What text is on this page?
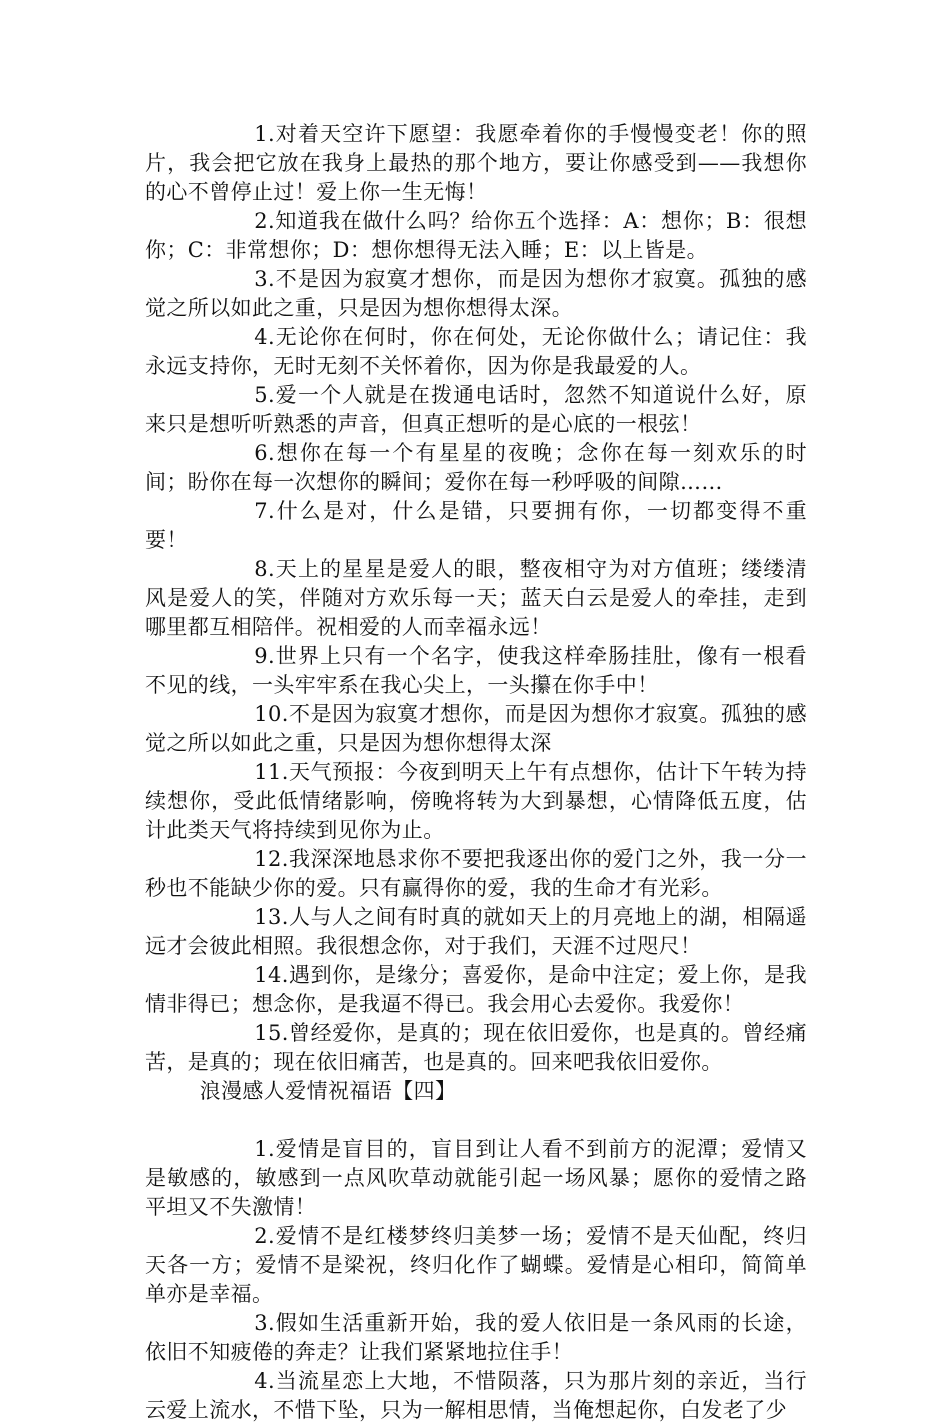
1.对着天空许下愿望：我愿牵着你的手慢慢变老！你的照片，我会把它放在我身上最热的那个地方，要让你感受到——我想你的心不曾停止过！爱上你一生无悔！

2.知道我在做什么吗？给你五个选择：A：想你；B：很想你；C：非常想你；D：想你想得无法入睡；E：以上皆是。

3.不是因为寂寞才想你，而是因为想你才寂寞。孤独的感觉之所以如此之重，只是因为想你想得太深。

4.无论你在何时，你在何处，无论你做什么；请记住：我永远支持你，无时无刻不关怀着你，因为你是我最爱的人。

5.爱一个人就是在拨通电话时，忽然不知道说什么好，原来只是想听听熟悉的声音，但真正想听的是心底的一根弦！

6.想你在每一个有星星的夜晚；念你在每一刻欢乐的时间；盼你在每一次想你的瞬间；爱你在每一秒呼吸的间隙……

7.什么是对，什么是错，只要拥有你，一切都变得不重要！

8.天上的星星是爱人的眼，整夜相守为对方值班；缕缕清风是爱人的笑，伴随对方欢乐每一天；蓝天白云是爱人的牵挂，走到哪里都互相陪伴。祝相爱的人而幸福永远！

9.世界上只有一个名字，使我这样牵肠挂肚，像有一根看不见的线，一头牢牢系在我心尖上，一头攥在你手中！

10.不是因为寂寞才想你，而是因为想你才寂寞。孤独的感觉之所以如此之重，只是因为想你想得太深

11.天气预报：今夜到明天上午有点想你，估计下午转为持续想你，受此低情绪影响，傍晚将转为大到暴想，心情降低五度，估计此类天气将持续到见你为止。

12.我深深地恳求你不要把我逐出你的爱门之外，我一分一秒也不能缺少你的爱。只有赢得你的爱，我的生命才有光彩。

13.人与人之间有时真的就如天上的月亮地上的湖，相隔遥远才会彼此相照。我很想念你，对于我们，天涯不过咫尺！

14.遇到你，是缘分；喜爱你，是命中注定；爱上你，是我情非得已；想念你，是我逼不得已。我会用心去爱你。我爱你！

15.曾经爱你，是真的；现在依旧爱你，也是真的。曾经痛苦，是真的；现在依旧痛苦，也是真的。回来吧我依旧爱你。

浪漫感人爱情祝福语【四】

1.爱情是盲目的，盲目到让人看不到前方的泥潭；爱情又是敏感的，敏感到一点风吹草动就能引起一场风暴；愿你的爱情之路平坦又不失激情！

2.爱情不是红楼梦终归美梦一场；爱情不是天仙配，终归天各一方；爱情不是梁祝，终归化作了蝴蝶。爱情是心相印，简简单单亦是幸福。

3.假如生活重新开始，我的爱人依旧是一条风雨的长途，依旧不知疲倦的奔走？让我们紧紧地拉住手！

4.当流星恋上大地，不惜陨落，只为那片刻的亲近，当行云爱上流水，不惜下坠，只为一解相思情，当俺想起你，白发老了少
